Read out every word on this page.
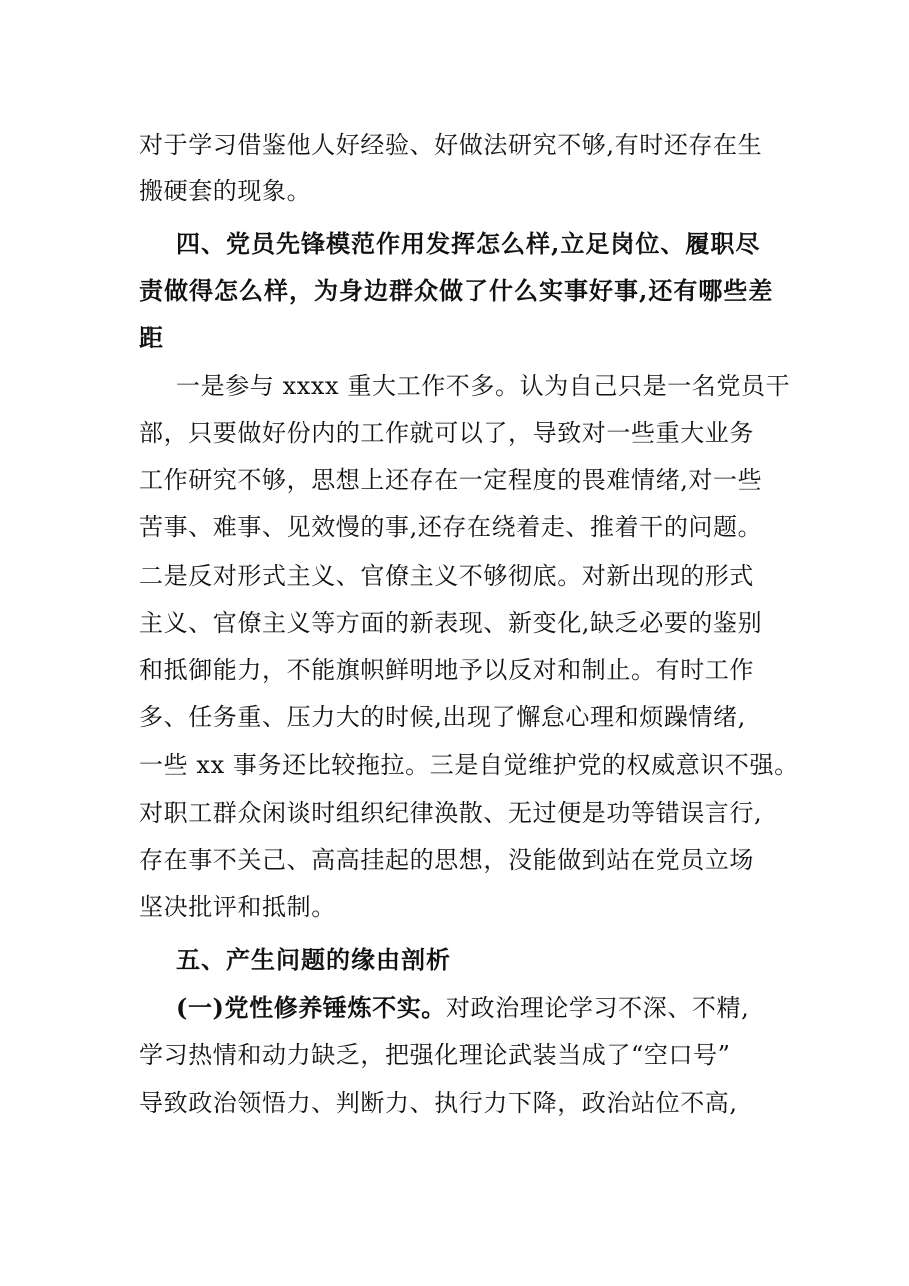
对于学习借鉴他人好经验、好做法研究不够,有时还存在生
搬硬套的现象。
四、党员先锋模范作用发挥怎么样,立足岗位、履职尽
责做得怎么样，为身边群众做了什么实事好事,还有哪些差
距
一是参与 xxxx 重大工作不多。认为自己只是一名党员干
部，只要做好份内的工作就可以了，导致对一些重大业务
工作研究不够，思想上还存在一定程度的畏难情绪,对一些
苦事、难事、见效慢的事,还存在绕着走、推着干的问题。
二是反对形式主义、官僚主义不够彻底。对新出现的形式
主义、官僚主义等方面的新表现、新变化,缺乏必要的鉴别
和抵御能力，不能旗帜鲜明地予以反对和制止。有时工作
多、任务重、压力大的时候,出现了懈怠心理和烦躁情绪,
一些 xx 事务还比较拖拉。三是自觉维护党的权威意识不强。
对职工群众闲谈时组织纪律涣散、无过便是功等错误言行,
存在事不关己、高高挂起的思想，没能做到站在党员立场
坚决批评和抵制。
五、产生问题的缘由剖析
(一)党性修养锤炼不实。对政治理论学习不深、不精,
学习热情和动力缺乏，把强化理论武装当成了“空口号”
导致政治领悟力、判断力、执行力下降，政治站位不高,
